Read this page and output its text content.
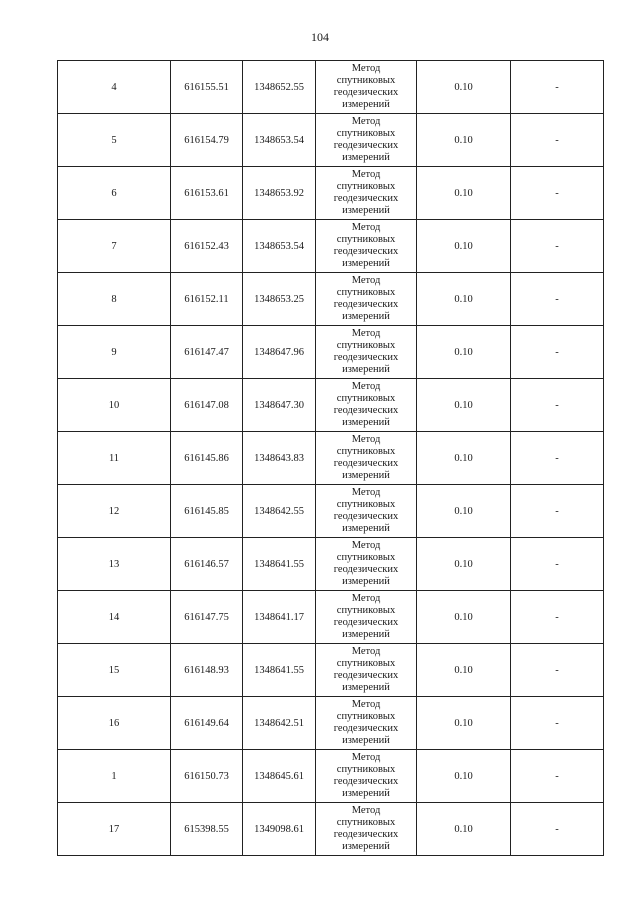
104
4	616155.51	1348652.55	Метод
спутниковых
геодезических
измерений	0.10	-
5	616154.79	1348653.54	Метод
спутниковых
геодезических
измерений	0.10	-
6	616153.61	1348653.92	Метод
спутниковых
геодезических
измерений	0.10	-
7	616152.43	1348653.54	Метод
спутниковых
геодезических
измерений	0.10	-
8	616152.11	1348653.25	Метод
спутниковых
геодезических
измерений	0.10	-
9	616147.47	1348647.96	Метод
спутниковых
геодезических
измерений	0.10	-
10	616147.08	1348647.30	Метод
спутниковых
геодезических
измерений	0.10	-
11	616145.86	1348643.83	Метод
спутниковых
геодезических
измерений	0.10	-
12	616145.85	1348642.55	Метод
спутниковых
геодезических
измерений	0.10	-
13	616146.57	1348641.55	Метод
спутниковых
геодезических
измерений	0.10	-
14	616147.75	1348641.17	Метод
спутниковых
геодезических
измерений	0.10	-
15	616148.93	1348641.55	Метод
спутниковых
геодезических
измерений	0.10	-
16	616149.64	1348642.51	Метод
спутниковых
геодезических
измерений	0.10	-
1	616150.73	1348645.61	Метод
спутниковых
геодезических
измерений	0.10	-
17	615398.55	1349098.61	Метод
спутниковых
геодезических
измерений	0.10	-
